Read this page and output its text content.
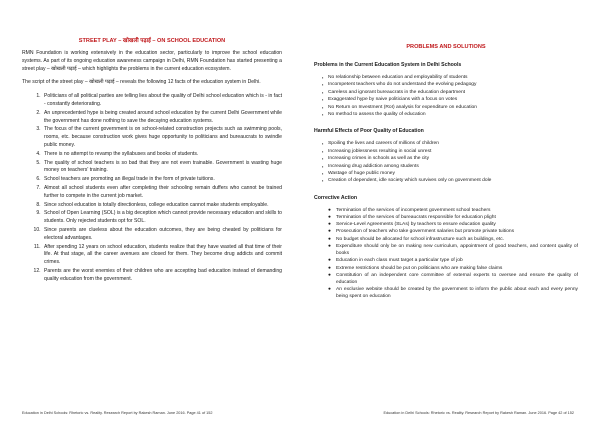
STREET PLAY – खोखली पढ़ाई – ON SCHOOL EDUCATION

RMN Foundation is working extensively in the education sector, particularly to improve the school education systems. As part of its ongoing education awareness campaign in Delhi, RMN Foundation has started presenting a street play – खोखली पढ़ाई – which highlights the problems in the current education ecosystem.

The script of the street play – खोखली पढ़ाई – reveals the following 12 facts of the education system in Delhi.

1. Politicians of all political parties are telling lies about the quality of Delhi school education which is - in fact - constantly deteriorating.
2. An unprecedented hype is being created around school education by the current Delhi Government while the government has done nothing to save the decaying education systems.
3. The focus of the current government is on school-related construction projects such as swimming pools, rooms, etc. because construction work gives huge opportunity to politicians and bureaucrats to swindle public money.
4. There is no attempt to revamp the syllabuses and books of students.
5. The quality of school teachers is so bad that they are not even trainable. Government is wasting huge money on teachers' training.
6. School teachers are promoting an illegal trade in the form of private tuitions.
7. Almost all school students even after completing their schooling remain duffers who cannot be trained further to compete in the current job market.
8. Since school education is totally directionless, college education cannot make students employable.
9. School of Open Learning (SOL) is a big deception which cannot provide necessary education and skills to students. Only rejected students opt for SOL.
10. Since parents are clueless about the education outcomes, they are being cheated by politicians for electoral advantages.
11. After spending 12 years on school education, students realize that they have wasted all that time of their life. At that stage, all the career avenues are closed for them. They become drug addicts and commit crimes.
12. Parents are the worst enemies of their children who are accepting bad education instead of demanding quality education from the government.
Education in Delhi Schools: Rhetoric vs. Reality. Research Report by Rakesh Raman. June 2016. Page 41 of 152
PROBLEMS AND SOLUTIONS
Problems in the Current Education System in Delhi Schools
▪ No relationship between education and employability of students
▪ Incompetent teachers who do not understand the evolving pedagogy
▪ Careless and ignorant bureaucrats in the education department
▪ Exaggerated hype by naive politicians with a focus on votes
▪ No Return on Investment (RoI) analysis for expenditure on education
▪ No method to assess the quality of education
Harmful Effects of Poor Quality of Education
▪ Spoiling the lives and careers of millions of children
▪ Increasing joblessness resulting in social unrest
▪ Increasing crimes in schools as well as the city
▪ Increasing drug addiction among students
▪ Wastage of huge public money
▪ Creation of dependent, idle society which survives only on government dole
Corrective Action
● Termination of the services of incompetent government school teachers
● Termination of the services of bureaucrats responsible for education plight
● Service-Level Agreements (SLAs) by teachers to ensure education quality
● Prosecution of teachers who take government salaries but promote private tuitions
● No budget should be allocated for school infrastructure such as buildings, etc.
● Expenditure should only be on making new curriculum, appointment of good teachers, and content quality of books
● Education in each class must target a particular type of job
● Extreme restrictions should be put on politicians who are making false claims
● Constitution of an independent core committee of external experts to oversee and ensure the quality of education
● An exclusive website should be created by the government to inform the public about each and every penny being spent on education
Education in Delhi Schools: Rhetoric vs. Reality. Research Report by Rakesh Raman. June 2016. Page 42 of 152
